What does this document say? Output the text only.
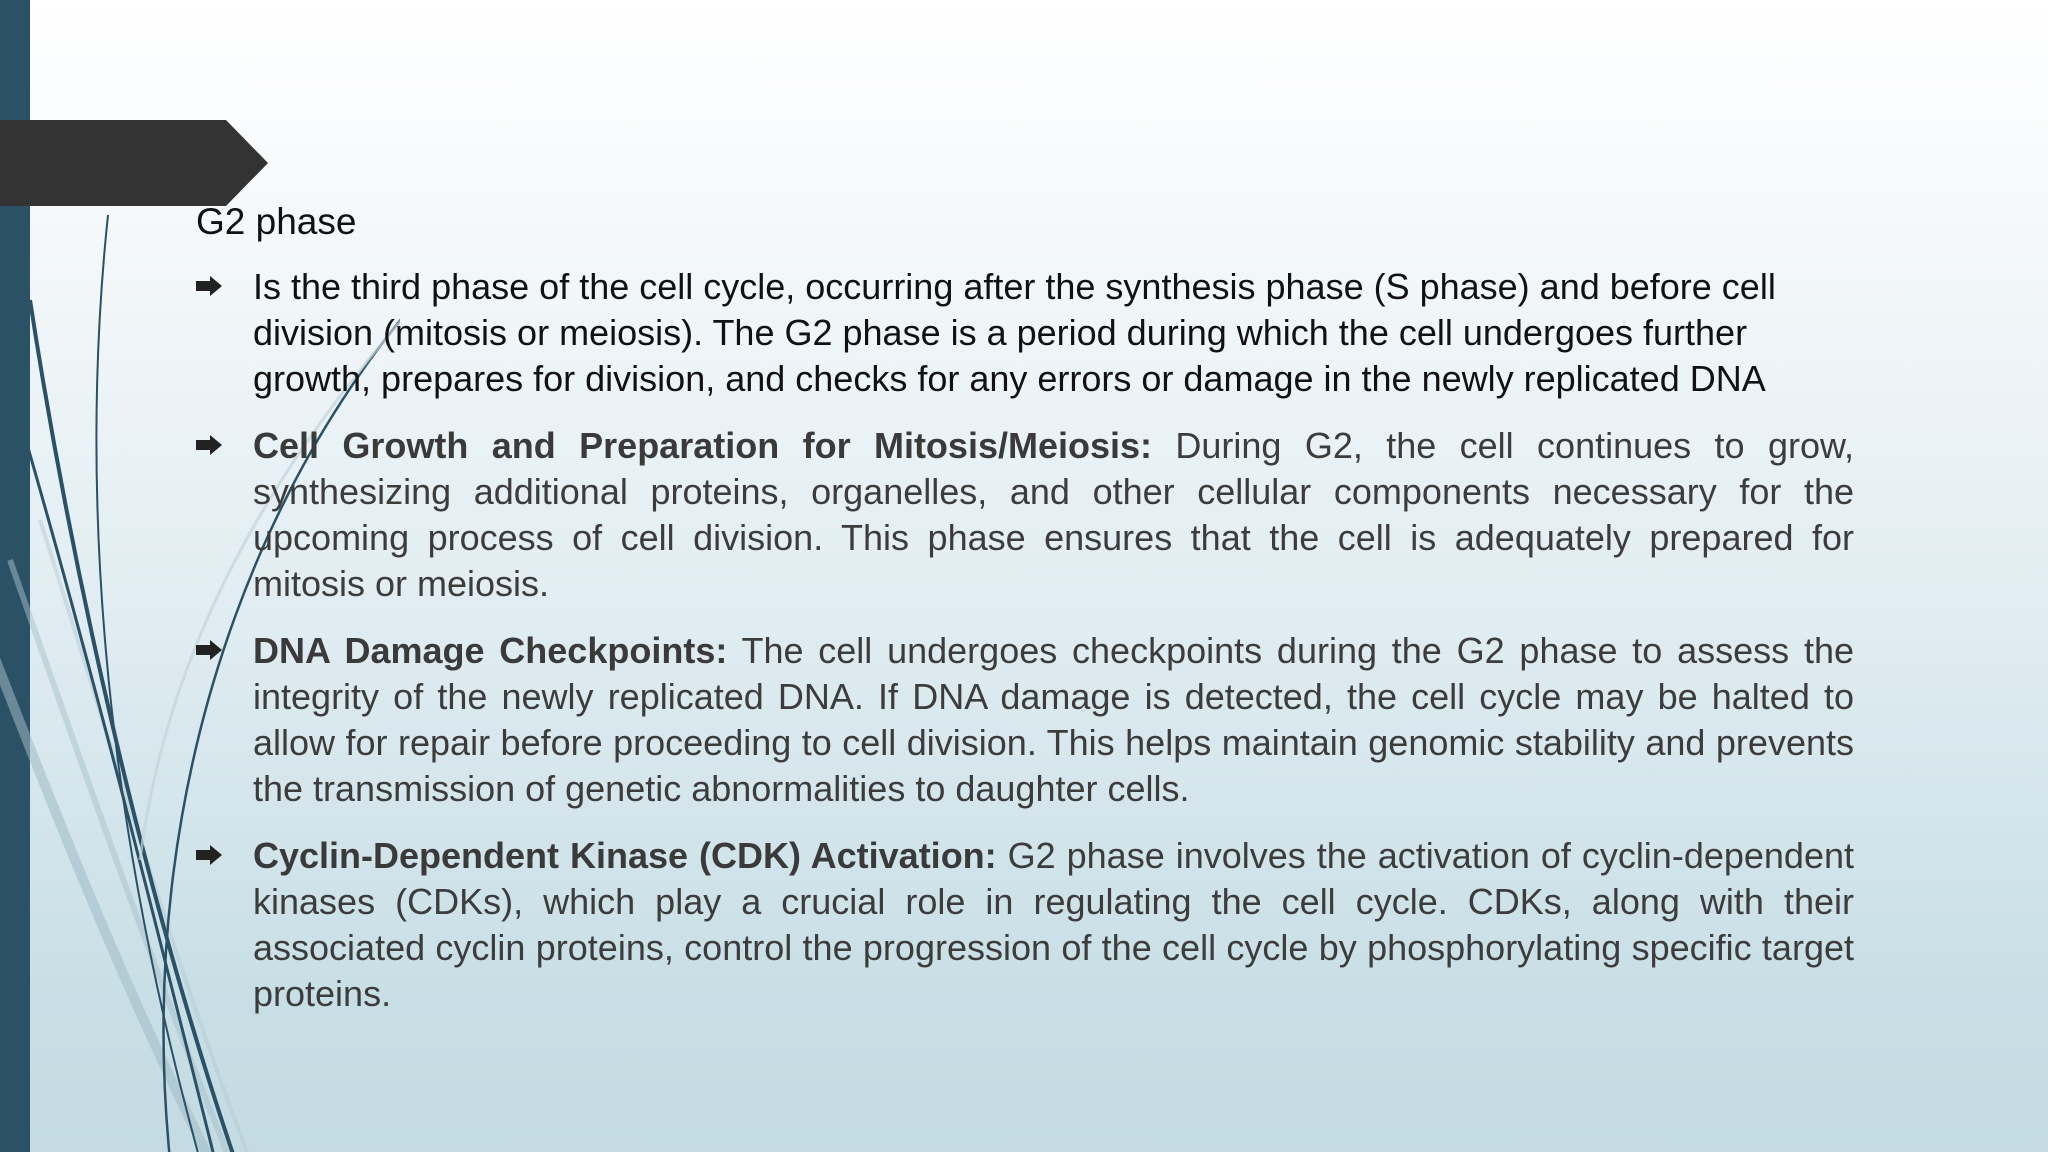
G2 phase
Is the third phase of the cell cycle, occurring after the synthesis phase (S phase) and before cell division (mitosis or meiosis). The G2 phase is a period during which the cell undergoes further growth, prepares for division, and checks for any errors or damage in the newly replicated DNA
Cell Growth and Preparation for Mitosis/Meiosis: During G2, the cell continues to grow, synthesizing additional proteins, organelles, and other cellular components necessary for the upcoming process of cell division. This phase ensures that the cell is adequately prepared for mitosis or meiosis.
DNA Damage Checkpoints: The cell undergoes checkpoints during the G2 phase to assess the integrity of the newly replicated DNA. If DNA damage is detected, the cell cycle may be halted to allow for repair before proceeding to cell division. This helps maintain genomic stability and prevents the transmission of genetic abnormalities to daughter cells.
Cyclin-Dependent Kinase (CDK) Activation: G2 phase involves the activation of cyclin-dependent kinases (CDKs), which play a crucial role in regulating the cell cycle. CDKs, along with their associated cyclin proteins, control the progression of the cell cycle by phosphorylating specific target proteins.
